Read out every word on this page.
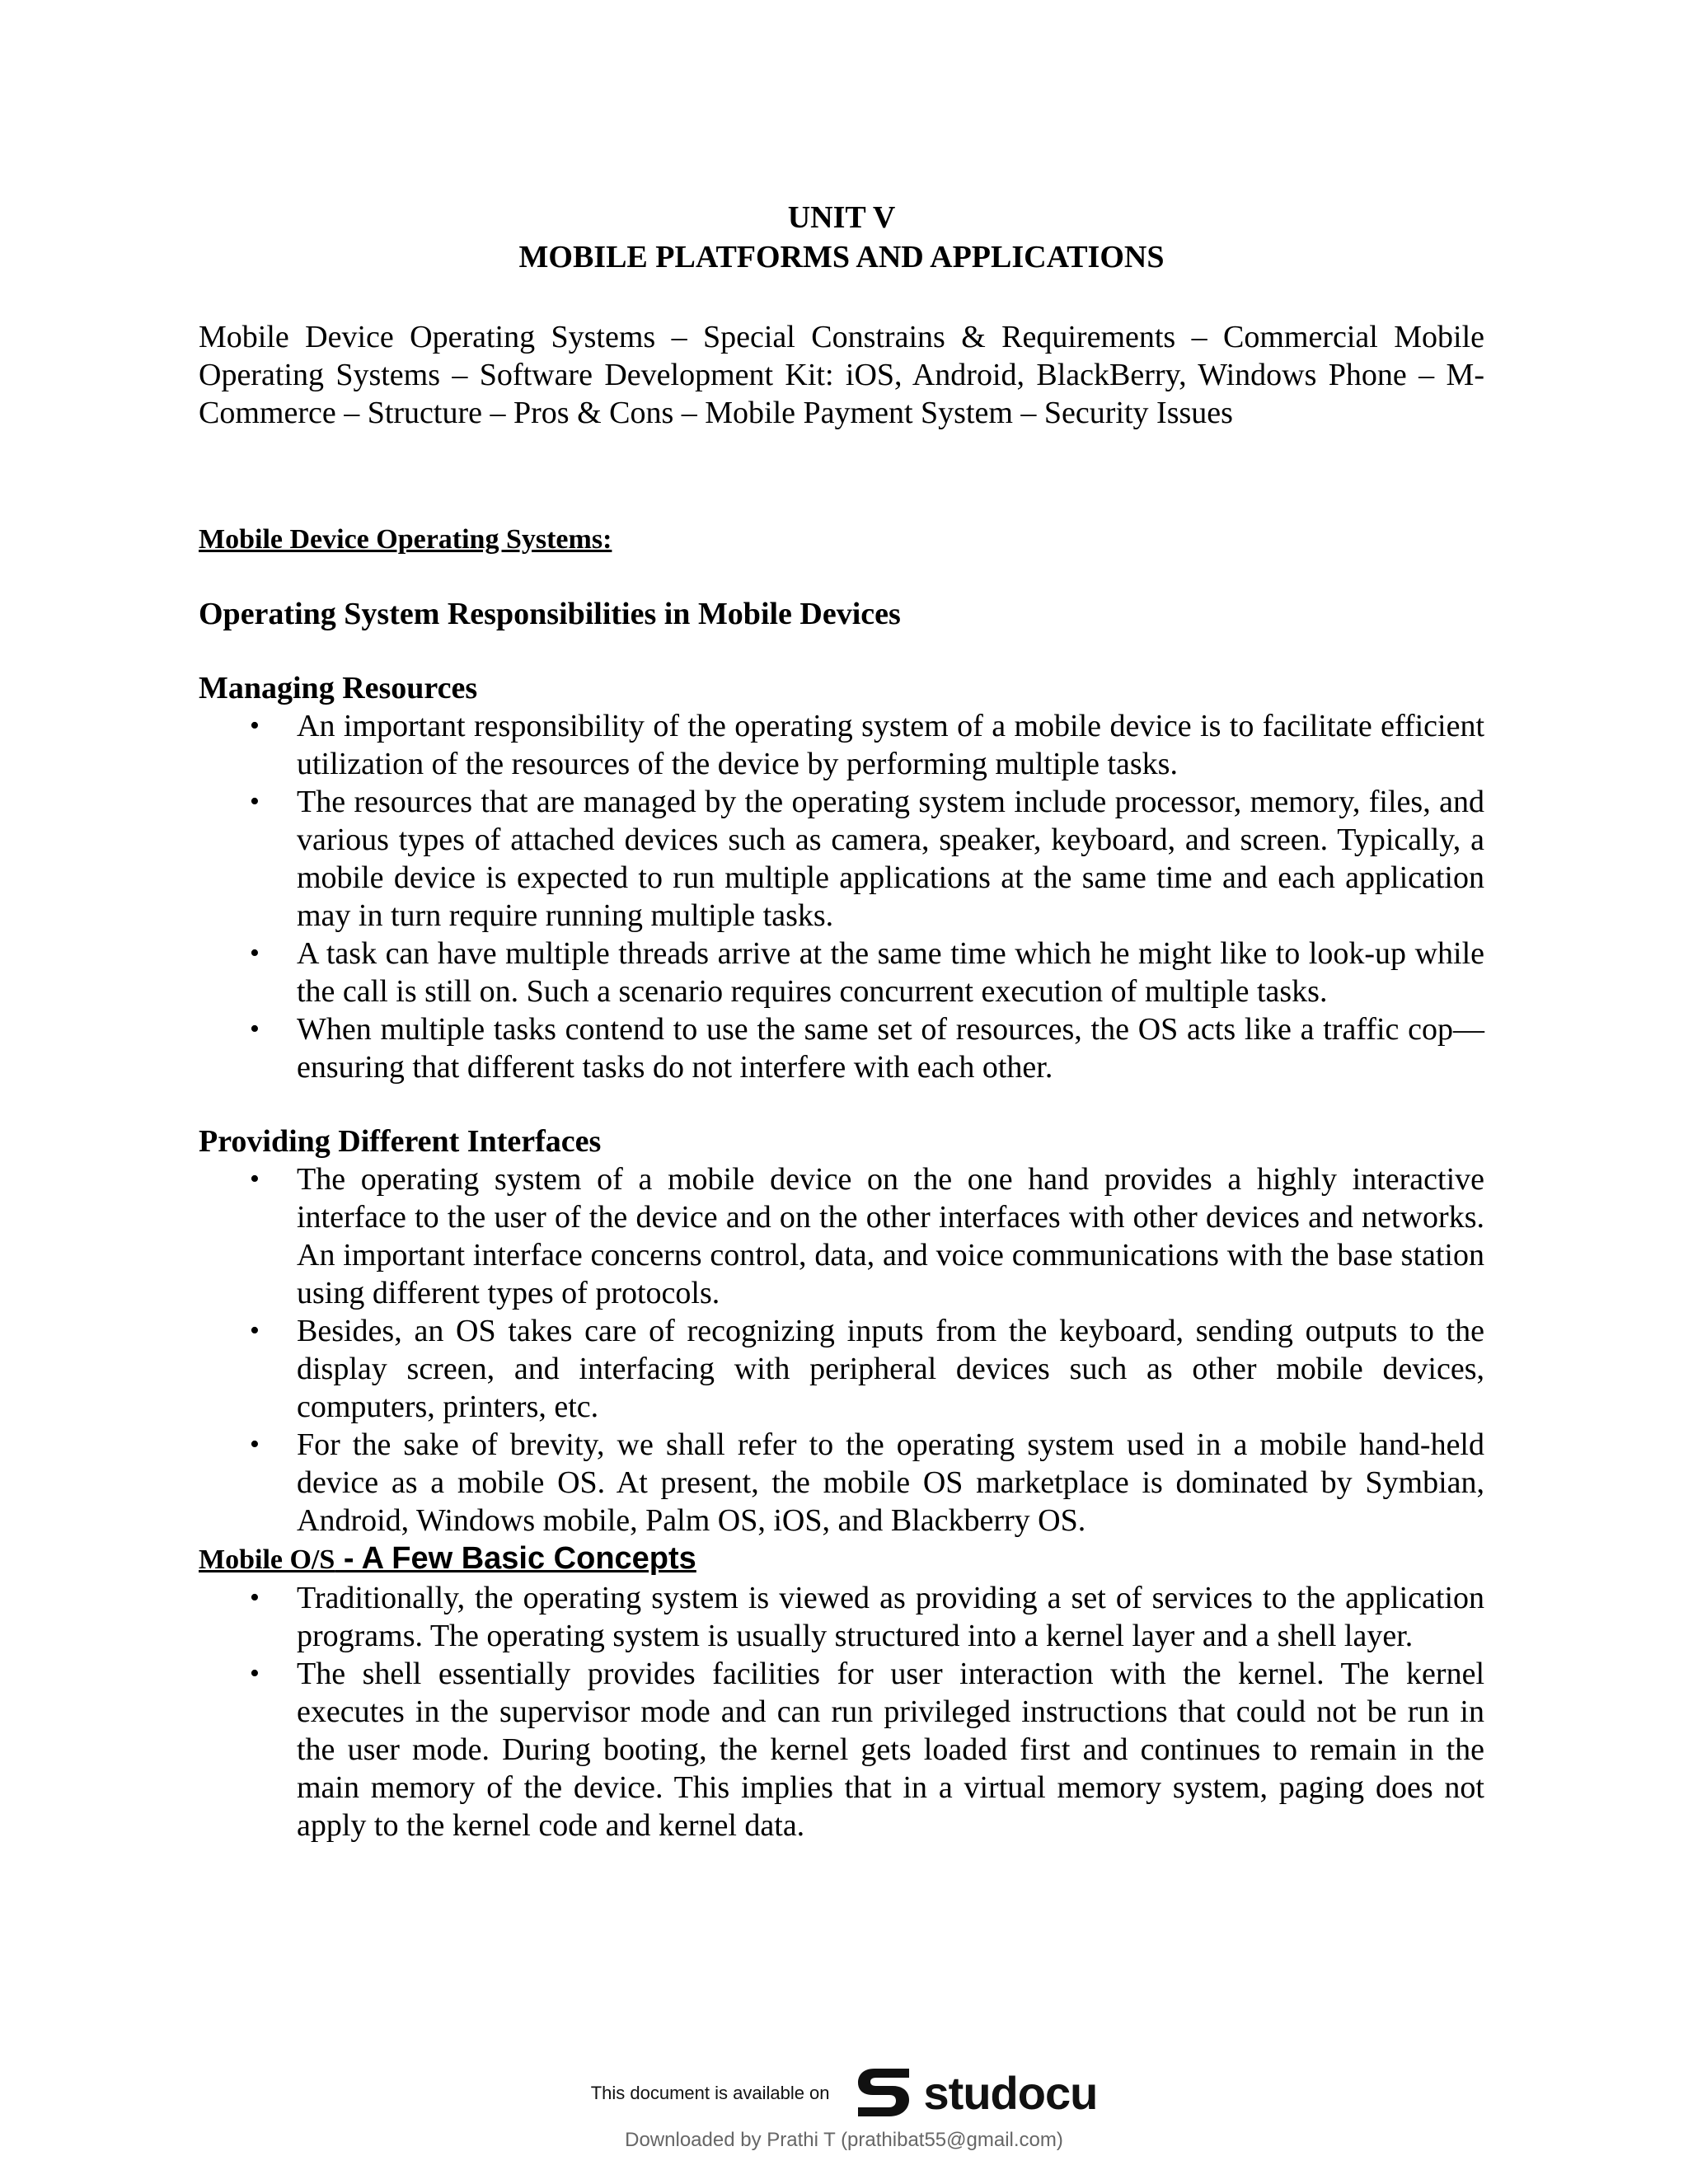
UNIT V
MOBILE PLATFORMS AND APPLICATIONS
Mobile Device Operating Systems – Special Constrains & Requirements – Commercial Mobile Operating Systems – Software Development Kit: iOS, Android, BlackBerry, Windows Phone – M-Commerce – Structure – Pros & Cons – Mobile Payment System – Security Issues
Mobile Device Operating Systems:
Operating System Responsibilities in Mobile Devices
Managing Resources
• An important responsibility of the operating system of a mobile device is to facilitate efficient utilization of the resources of the device by performing multiple tasks.
• The resources that are managed by the operating system include processor, memory, files, and various types of attached devices such as camera, speaker, keyboard, and screen. Typically, a mobile device is expected to run multiple applications at the same time and each application may in turn require running multiple tasks.
• A task can have multiple threads arrive at the same time which he might like to look-up while the call is still on. Such a scenario requires concurrent execution of multiple tasks.
• When multiple tasks contend to use the same set of resources, the OS acts like a traffic cop—ensuring that different tasks do not interfere with each other.
Providing Different Interfaces
• The operating system of a mobile device on the one hand provides a highly interactive interface to the user of the device and on the other interfaces with other devices and networks. An important interface concerns control, data, and voice communications with the base station using different types of protocols.
• Besides, an OS takes care of recognizing inputs from the keyboard, sending outputs to the display screen, and interfacing with peripheral devices such as other mobile devices, computers, printers, etc.
• For the sake of brevity, we shall refer to the operating system used in a mobile hand-held device as a mobile OS. At present, the mobile OS marketplace is dominated by Symbian, Android, Windows mobile, Palm OS, iOS, and Blackberry OS.
Mobile O/S - A Few Basic Concepts
• Traditionally, the operating system is viewed as providing a set of services to the application programs. The operating system is usually structured into a kernel layer and a shell layer.
• The shell essentially provides facilities for user interaction with the kernel. The kernel executes in the supervisor mode and can run privileged instructions that could not be run in the user mode. During booting, the kernel gets loaded first and continues to remain in the main memory of the device. This implies that in a virtual memory system, paging does not apply to the kernel code and kernel data.
This document is available on studocu
Downloaded by Prathi T (prathibat55@gmail.com)
